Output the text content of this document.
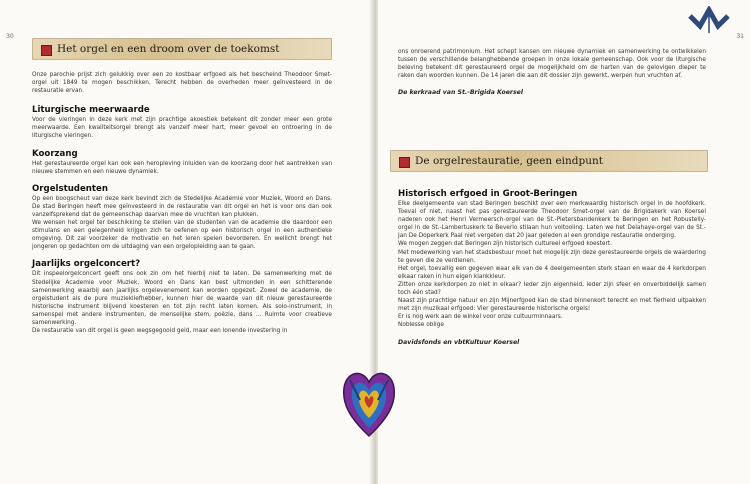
30
Het orgel en een droom over de toekomst

Onze parochie prijst zich gelukkig over een zo kostbaar erfgoed als het bescheind Theodoor Smet-orgel uit 1849 te mogen beschikken. Terecht hebben de overheden meer geïnvesteerd in de restauratie ervan.

Liturgische meerwaarde

Voor de vieringen in deze kerk met zijn prachtige akoestiek betekent dit zonder meer een grote meerwaarde. Een kwaliteitsorgel brengt als vanzelf meer hart, meer gevoel en ontroering in de liturgische vieringen.

Koorzang

Het gerestaureerde orgel kan ook een heropleving inluiden van de koorzang door het aantrekken van nieuwe stemmen en een nieuwe dynamiek.

Orgelstudenten

Op een boogscheut van deze kerk bevindt zich de Stedelijke Academie voor Muziek, Woord en Dans. De stad Beringen heeft mee geïnvesteerd in de restauratie van dit orgel en het is voor ons dan ook vanzelfsprekend dat de gemeenschap daarvan mee de vruchten kan plukken.
We wensen het orgel ter beschikking te stellen van de studenten van de academie die daardoor een stimulans en een gelegenheid krijgen zich te oefenen op een historisch orgel in een authentieke omgeving. Dit zal voorzeker de motivatie en het leren spelen bevorderen. En wellicht brengt het jongeren op gedachten om de uitdaging van een orgelopleiding aan te gaan.

Jaarlijks orgelconcert?

Dit inspeelorgelconcert geeft ons ook zin om het hierbij niet te laten. De samenwerking met de Stedelijke Academie voor Muziek, Woord en Dans kan best uitmonden in een schitterende samenwerking waarbij een jaarlijks orgelevenement kan worden opgezet. Zowel de academie, de orgelstudent als de pure muziekliefhebber, kunnen hier de waarde van dit nieuw gerestaureerde historische instrument blijvend koesteren en tot zijn recht laten komen. Als solo-instrument, in samenspel met andere instrumenten, de menselijke stem, poëzie, dans ... Ruimte voor creatieve samenwerking.
De restauratie van dit orgel is geen wegsgegooid geld, maar een lonende investering in

31

ons onroerend patrimonium. Het schept kansen om nieuwe dynamiek en samenwerking te ontwikkelen tussen de verschillende belanghebbende groepen in onze lokale gemeenschap. Ook voor de liturgische beleving betekent dit gerestaureerd orgel de mogelijkheid om de harten van de gelovigen dieper te raken dan woorden kunnen. De 14 jaren die aan dit dossier zijn gewerkt, werpen hun vruchten af.

De kerkraad van St.-Brigida Koersel

De orgelrestauratie, geen eindpunt
Historisch erfgoed in Groot-Beringen

Elke deelgemeente van stad Beringen beschikt over een merkwaardig historisch orgel in de hoofdkerk. Toeval of niet, naast het pas gerestaureerde Theodoor Smet-orgel van de Brigidakerk van Koersel naderen ook het Henri Vermeersch-orgel van de St.-Pietersbandenkerk te Beringen en het Robustelly-orgel in de St.-Lambertuskerk te Beverlo stilaan hun voltooiing. Laten we het Delahaye-orgel van de St.-Jan De Doperkerk Paal niet vergeten dat 20 jaar geleden al een grondige restauratie onderging.
We mogen zeggen dat Beringen zijn historisch cultureel erfgoed koestert.
Met medewerking van het stadsbestuur moet het mogelijk zijn deze gerestaureerde orgels de waardering te geven die ze verdienen.
Het orgel, toevallig een gegeven waar elk van de 4 deelgemeenten sterk staan en waar de 4 kerkdorpen elkaar raken in hun eigen klankkleur.
Zitten onze kerkdorpen zo niet in elkaar? Ieder zijn eigenheid, ieder zijn sfeer en onverbiddelijk samen toch één stad?
Naast zijn prachtige natuur en zijn Mijnerfgoed kan de stad binnenkort terecht en met fierheid uitpakken met zijn muzikaal erfgoed: Vier gerestaureerde historische orgels!
Er is nog werk aan de winkel voor onze cultuurminnaars.
Noblesse oblige

Davidsfonds en vbtKultuur Koersel
